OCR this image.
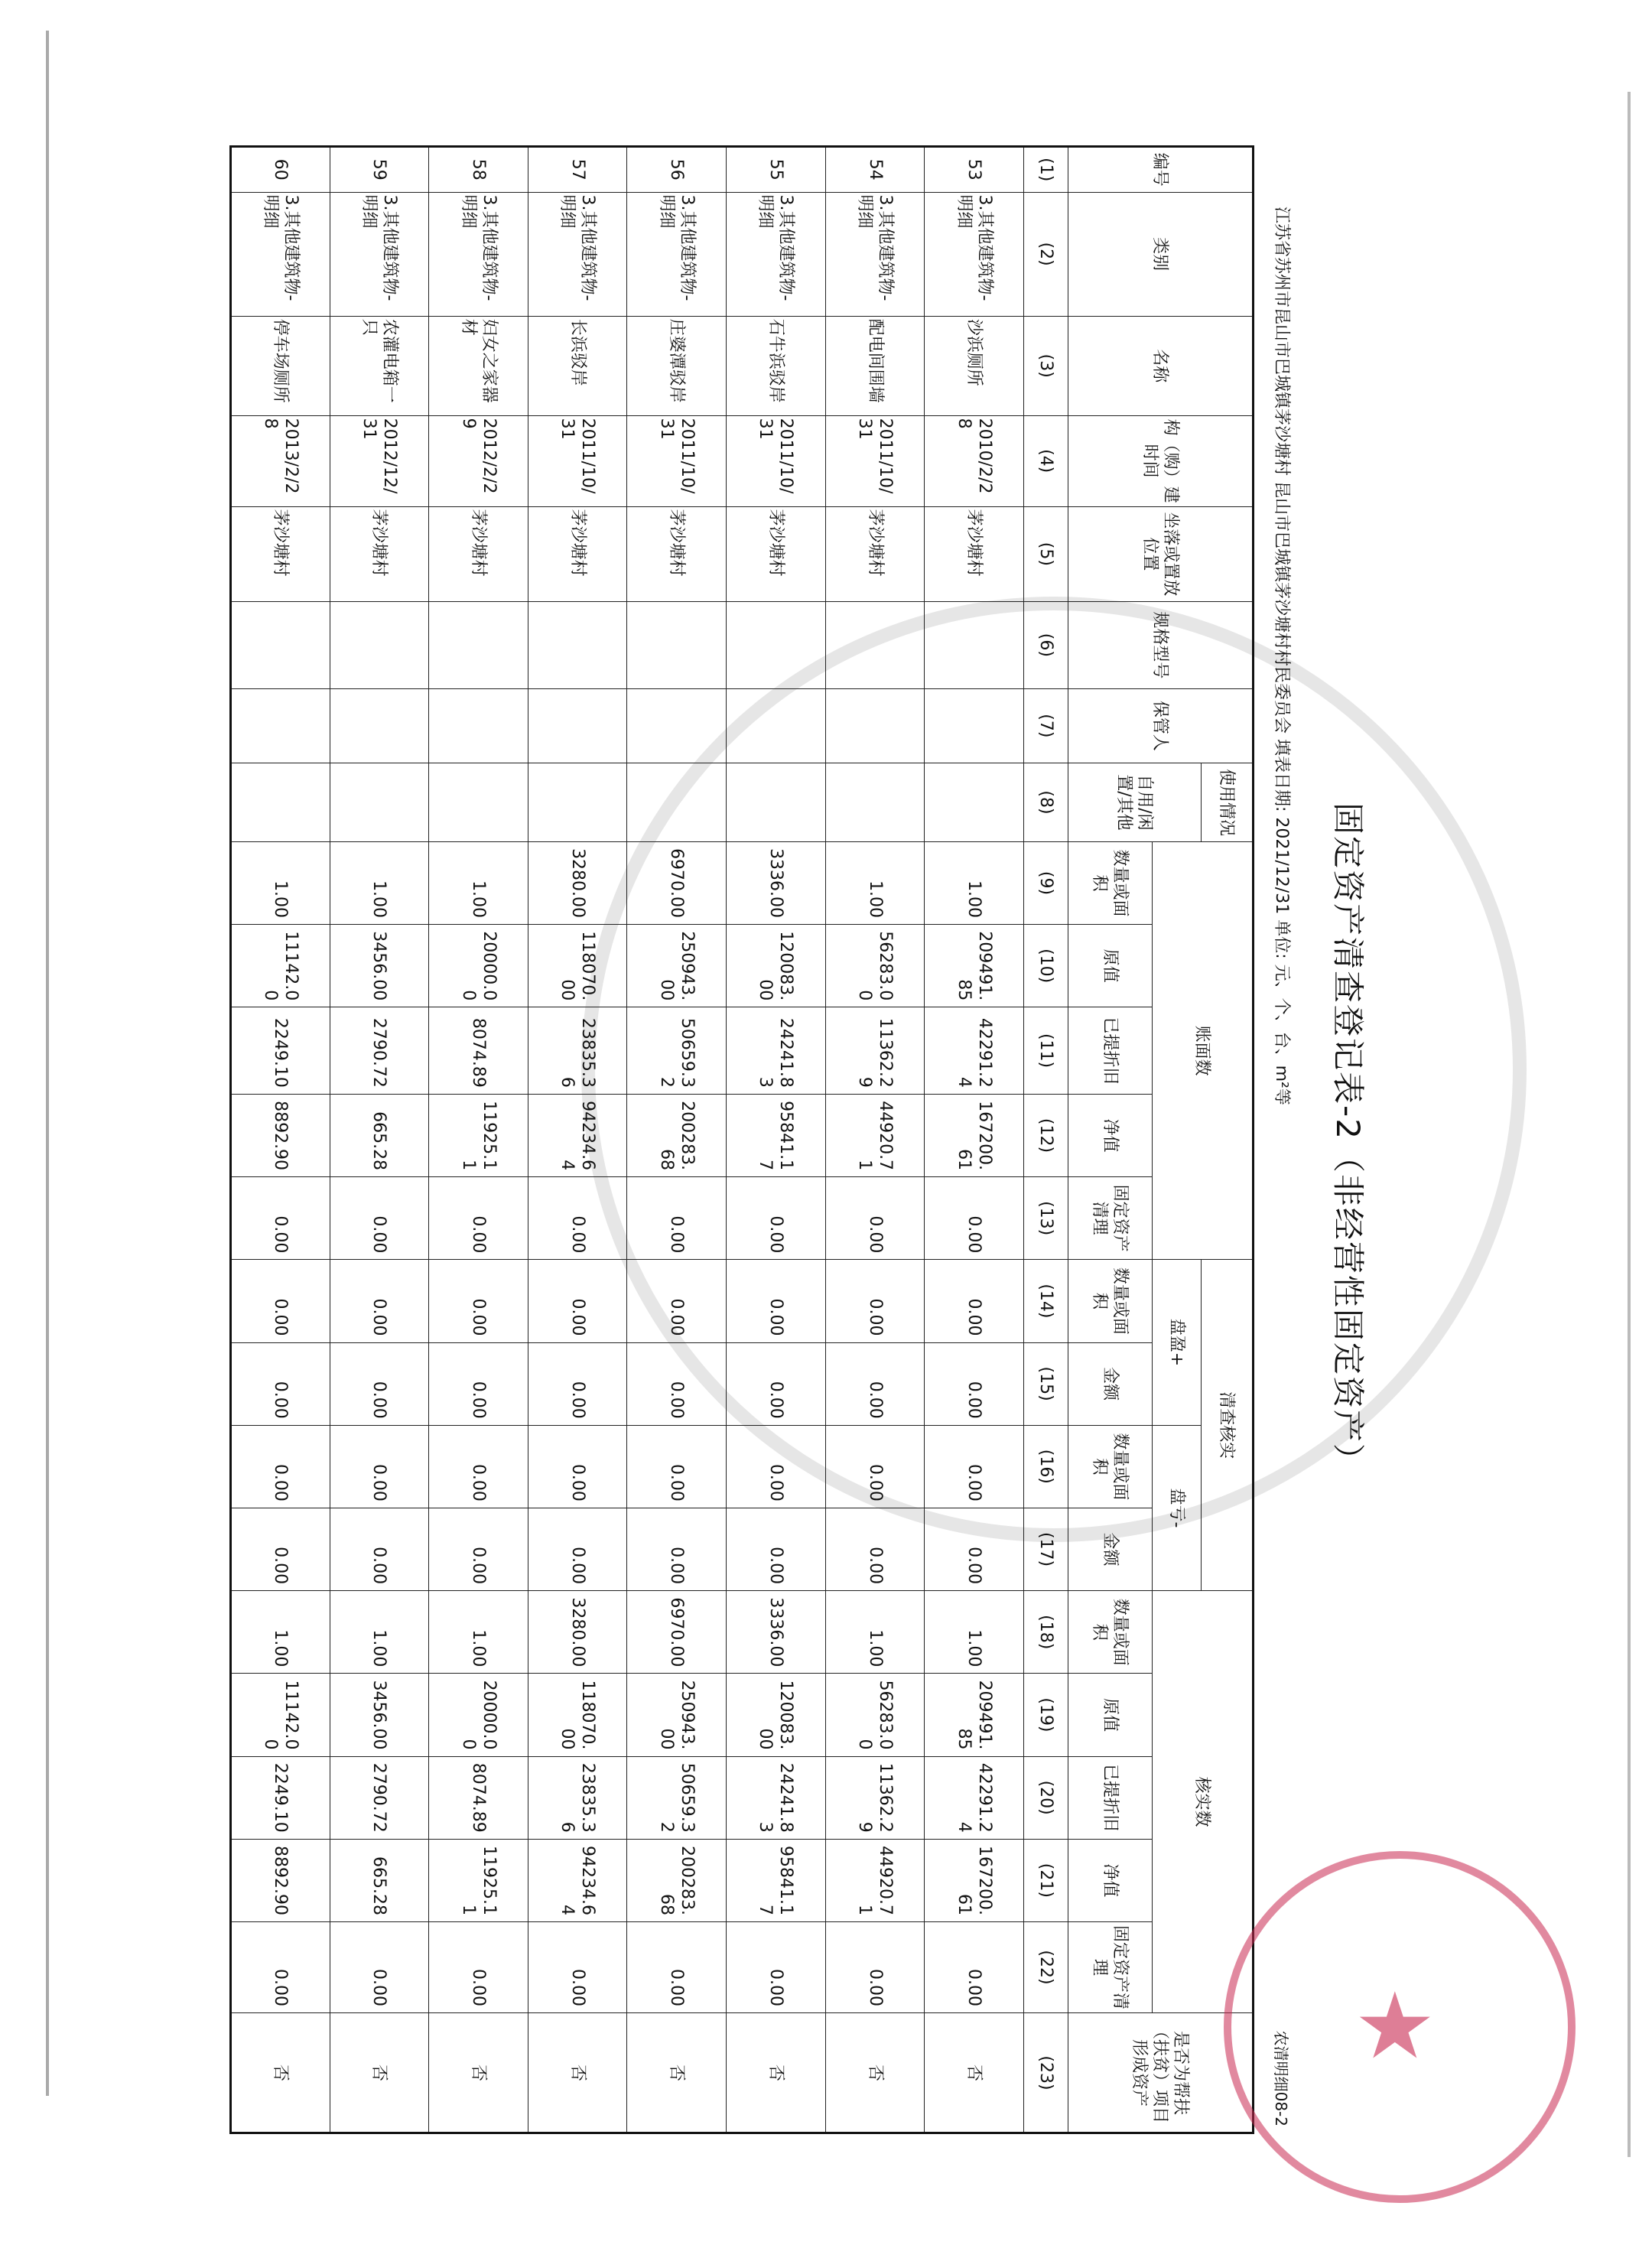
固定资产清查登记表-2（非经营性固定资产）
江苏省苏州市昆山市巴城镇茅沙塘村 昆山市巴城镇茅沙塘村村民委员会 填表日期: 2021/12/31 单位: 元、个、台、m²等
农清明细08-2
编号	类别	名称	构（购）建时间	坐落或置放位置	规格型号	保管人	使用情况	账面数					清查核实				核实数					是否为帮扶（扶贫）项目形成资产	
							自用/闲置/其他						盘盈+		盘亏-								
								数量或面积	原值	已提折旧	净值	固定资产清理	数量或面积	金额	数量或面积	金额	数量或面积	原值	已提折旧	净值	固定资产清理		
(1)	(2)	(3)	(4)	(5)	(6)	(7)	(8)	(9)	(10)	(11)	(12)	(13)	(14)	(15)	(16)	(17)	(18)	(19)	(20)	(21)	(22)	(23)	
53	3.其他建筑物-明细	沙浜厕所	2010/2/28	茅沙塘村				1.00	209491.85	42291.24	167200.61	0.00	0.00	0.00	0.00	0.00	1.00	209491.85	42291.24	167200.61	0.00	否	
54	3.其他建筑物-明细	配电间围墙	2011/10/31	茅沙塘村				1.00	56283.00	11362.29	44920.71	0.00	0.00	0.00	0.00	0.00	1.00	56283.00	11362.29	44920.71	0.00	否	
55	3.其他建筑物-明细	石牛浜驳岸	2011/10/31	茅沙塘村				3336.00	120083.00	24241.83	95841.17	0.00	0.00	0.00	0.00	0.00	3336.00	120083.00	24241.83	95841.17	0.00	否	
56	3.其他建筑物-明细	庄婆潭驳岸	2011/10/31	茅沙塘村				6970.00	250943.00	50659.32	200283.68	0.00	0.00	0.00	0.00	0.00	6970.00	250943.00	50659.32	200283.68	0.00	否	
57	3.其他建筑物-明细	长浜驳岸	2011/10/31	茅沙塘村				3280.00	118070.00	23835.36	94234.64	0.00	0.00	0.00	0.00	0.00	3280.00	118070.00	23835.36	94234.64	0.00	否	
58	3.其他建筑物-明细	妇女之家器材	2012/2/29	茅沙塘村				1.00	20000.00	8074.89	11925.11	0.00	0.00	0.00	0.00	0.00	1.00	20000.00	8074.89	11925.11	0.00	否	
59	3.其他建筑物-明细	农灌电箱一只	2012/12/31	茅沙塘村				1.00	3456.00	2790.72	665.28	0.00	0.00	0.00	0.00	0.00	1.00	3456.00	2790.72	665.28	0.00	否	
60	3.其他建筑物-明细	停车场厕所	2013/2/28	茅沙塘村				1.00	11142.00	2249.10	8892.90	0.00	0.00	0.00	0.00	0.00	1.00	11142.00	2249.10	8892.90	0.00	否		★
